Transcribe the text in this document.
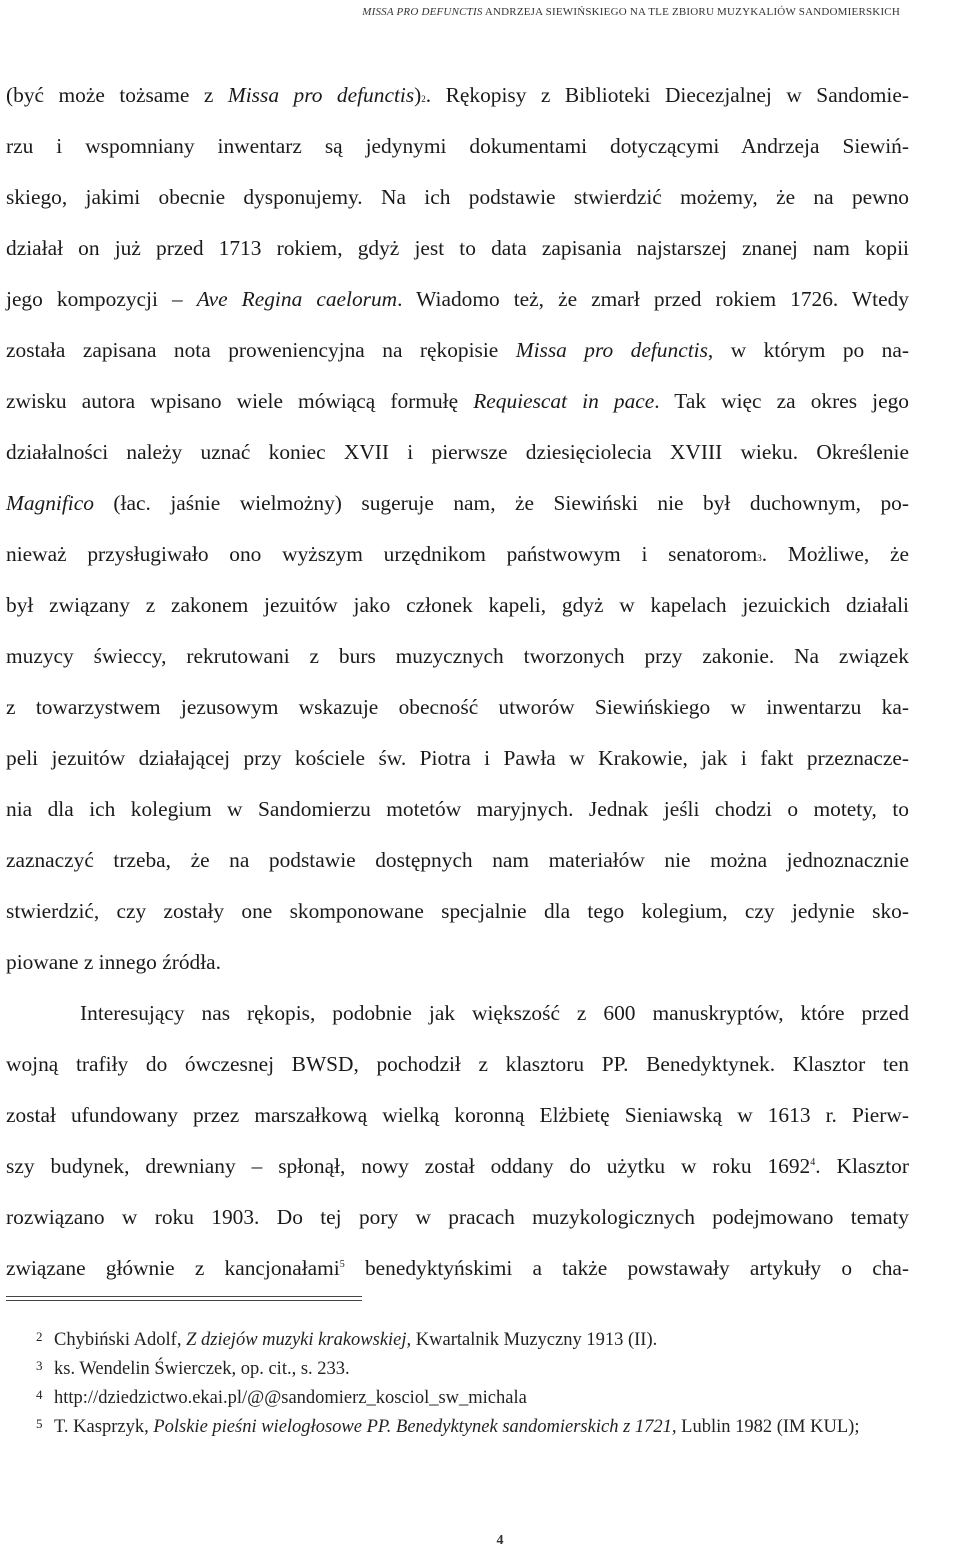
MISSA PRO DEFUNCTIS ANDRZEJA SIEWIŃSKIEGO NA TLE ZBIORU MUZYKALIÓW SANDOMIERSKICH
(być może tożsame z Missa pro defunctis)2. Rękopisy z Biblioteki Diecezjalnej w Sandomie-
rzu i wspomniany inwentarz są jedynymi dokumentami dotyczącymi Andrzeja Siewiń-
skiego, jakimi obecnie dysponujemy. Na ich podstawie stwierdzić możemy, że na pewno
działał on już przed 1713 rokiem, gdyż jest to data zapisania najstarszej znanej nam kopii
jego kompozycji – Ave Regina caelorum. Wiadomo też, że zmarł przed rokiem 1726. Wtedy
została zapisana nota proweniencyjna na rękopisie Missa pro defunctis, w którym po na-
zwisku autora wpisano wiele mówiącą formułę Requiescat in pace. Tak więc za okres jego
działalności należy uznać koniec XVII i pierwsze dziesięciolecia XVIII wieku. Określenie
Magnifico (łac. jaśnie wielmożny) sugeruje nam, że Siewiński nie był duchownym, po-
nieważ przysługiwało ono wyższym urzędnikom państwowym i senatorom3. Możliwe, że
był związany z zakonem jezuitów jako członek kapeli, gdyż w kapelach jezuickich działali
muzycy świeccy, rekrutowani z burs muzycznych tworzonych przy zakonie. Na związek
z towarzystwem jezusowym wskazuje obecność utworów Siewińskiego w inwentarzu ka-
peli jezuitów działającej przy kościele św. Piotra i Pawła w Krakowie, jak i fakt przeznacze-
nia dla ich kolegium w Sandomierzu motetów maryjnych. Jednak jeśli chodzi o motety, to
zaznaczyć trzeba, że na podstawie dostępnych nam materiałów nie można jednoznacznie
stwierdzić, czy zostały one skomponowane specjalnie dla tego kolegium, czy jedynie sko-
piowane z innego źródła.
Interesujący nas rękopis, podobnie jak większość z 600 manuskryptów, które przed
wojną trafiły do ówczesnej BWSD, pochodził z klasztoru PP. Benedyktynek. Klasztor ten
został ufundowany przez marszałkową wielką koronną Elżbietę Sieniawską w 1613 r. Pierw-
szy budynek, drewniany – spłonął, nowy został oddany do użytku w roku 1692$^4$. Klasztor
rozwiązano w roku 1903. Do tej pory w pracach muzykologicznych podejmowano tematy
związane głównie z kancjonałami$^5$ benedyktyńskimi a także powstawały artykuły o cha-
2 Chybiński Adolf, Z dziejów muzyki krakowskiej, Kwartalnik Muzyczny 1913 (II).
3 ks. Wendelin Świerczek, op. cit., s. 233.
4 http://dziedzictwo.ekai.pl/@@sandomierz_kosciol_sw_michala
5 T. Kasprzyk, Polskie pieśni wielogłosowe PP. Benedyktynek sandomierskich z 1721, Lublin 1982 (IM KUL);
4
